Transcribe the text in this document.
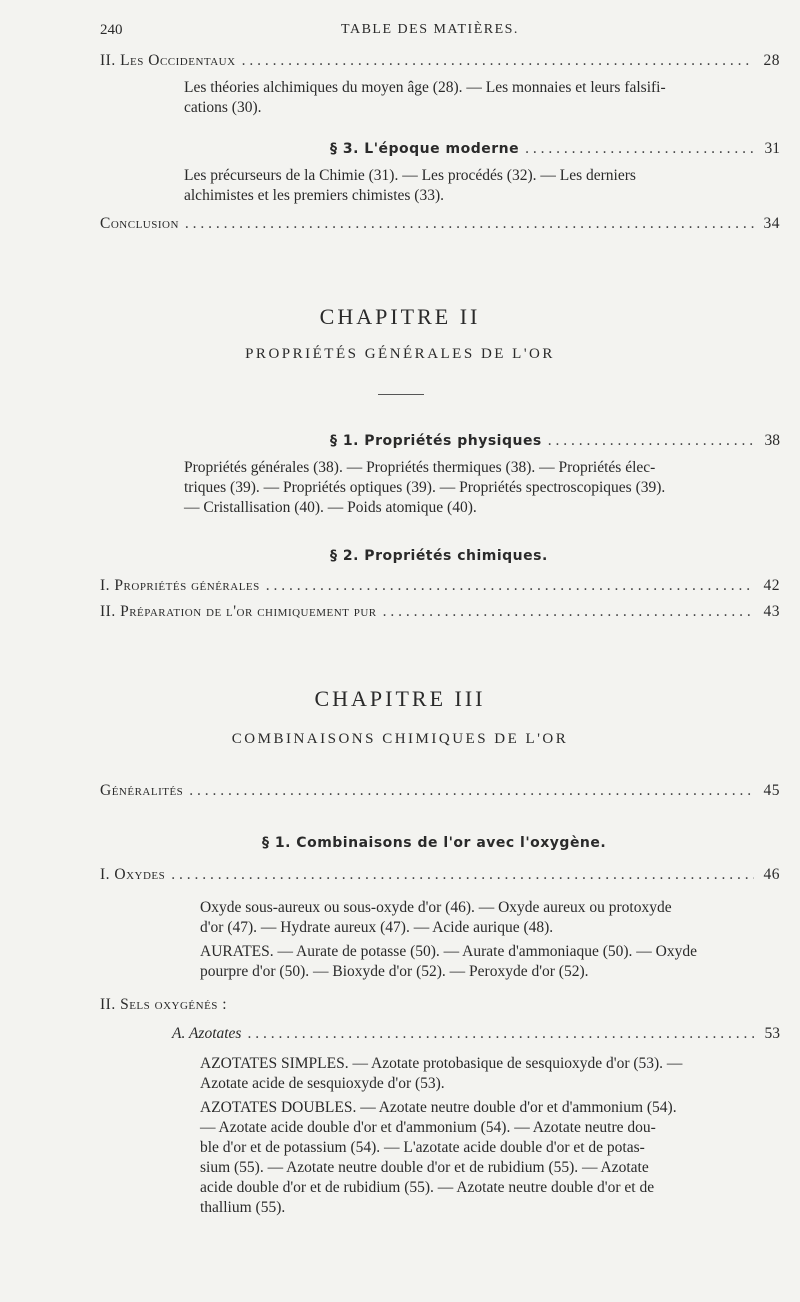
240	TABLE DES MATIÈRES.
II. Les Occidentaux . . .	28
Les théories alchimiques du moyen âge (28). — Les monnaies et leurs falsifi-
cations (30).
§ 3. L'époque moderne . . .	31
Les précurseurs de la Chimie (31). — Les procédés (32). — Les derniers
alchimistes et les premiers chimistes (33).
Conclusion . . .	34
CHAPITRE II
PROPRIÉTÉS GÉNÉRALES DE L'OR
§ 1. Propriétés physiques . . .	38
Propriétés générales (38). — Propriétés thermiques (38). — Propriétés élec-
triques (39). — Propriétés optiques (39). — Propriétés spectroscopiques (39).
— Cristallisation (40). — Poids atomique (40).
§ 2. Propriétés chimiques.
I. Propriétés générales . . .	42
II. Préparation de l'or chimiquement pur . . .	43
CHAPITRE III
COMBINAISONS CHIMIQUES DE L'OR
Généralités . . .	45
§ 1. Combinaisons de l'or avec l'oxygène.
I. Oxydes . . .	46
Oxyde sous-aureux ou sous-oxyde d'or (46). — Oxyde aureux ou protoxyde
d'or (47). — Hydrate aureux (47). — Acide aurique (48).
AURATES. — Aurate de potasse (50). — Aurate d'ammoniaque (50). — Oxyde
pourpre d'or (50). — Bioxyde d'or (52). — Peroxyde d'or (52).
II. Sels oxygénés :
A. Azotates . . .	53
AZOTATES SIMPLES. — Azotate protobasique de sesquioxyde d'or (53). —
Azotate acide de sesquioxyde d'or (53).
AZOTATES DOUBLES. — Azotate neutre double d'or et d'ammonium (54).
— Azotate acide double d'or et d'ammonium (54). — Azotate neutre dou-
ble d'or et de potassium (54). — L'azotate acide double d'or et de potas-
sium (55). — Azotate neutre double d'or et de rubidium (55). — Azotate
acide double d'or et de rubidium (55). — Azotate neutre double d'or et de
thallium (55).
